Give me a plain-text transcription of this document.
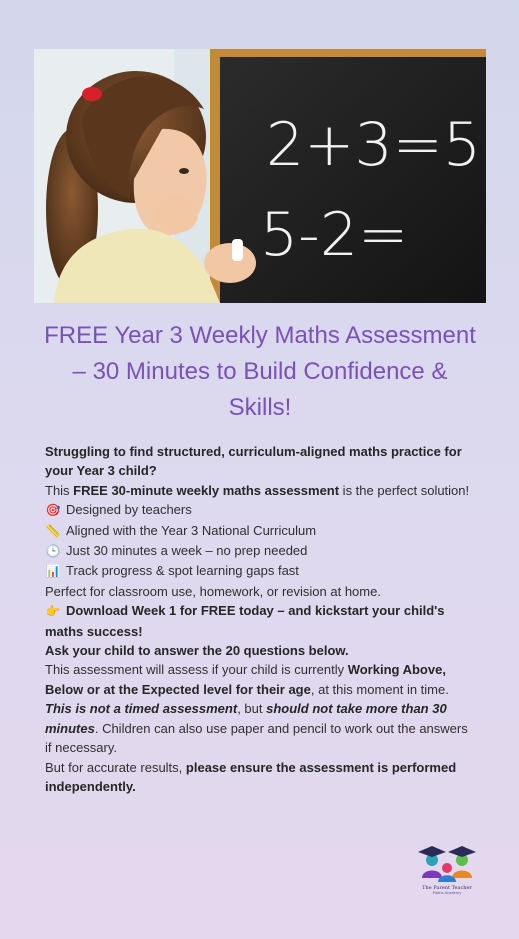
2+3=5
5-2=
FREE Year 3 Weekly Maths Assessment – 30 Minutes to Build Confidence & Skills!

Struggling to find structured, curriculum-aligned maths practice for your Year 3 child?

This FREE 30-minute weekly maths assessment is the perfect solution!

🎯 Designed by teachers

📏 Aligned with the Year 3 National Curriculum

🕒 Just 30 minutes a week – no prep needed

📊 Track progress & spot learning gaps fast

Perfect for classroom use, homework, or revision at home.

👉 Download Week 1 for FREE today – and kickstart your child's maths success!

Ask your child to answer the 20 questions below.

This assessment will assess if your child is currently Working Above, Below or at the Expected level for their age, at this moment in time.

This is not a timed assessment, but should not take more than 30 minutes. Children can also use paper and pencil to work out the answers if necessary.

But for accurate results, please ensure the assessment is performed independently.

The Parent Teacher
Maths Academy
